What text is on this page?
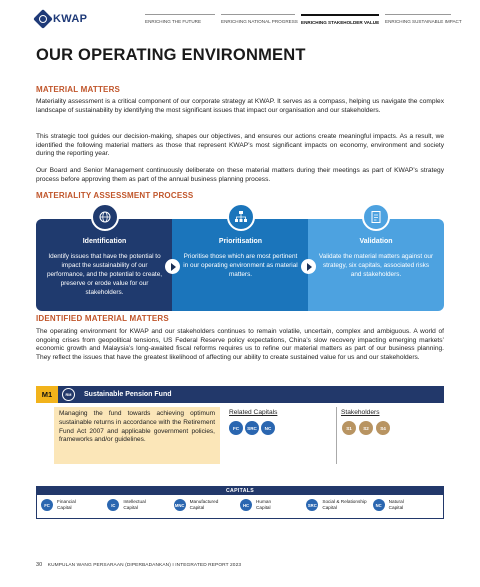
KWAP	ENRICHING THE FUTURE	ENRICHING NATIONAL PROGRESS ENRICHING STAKEHOLDER VALUE ENRICHING SUSTAINABLE IMPACT
OUR OPERATING ENVIRONMENT
MATERIAL MATTERS
Materiality assessment is a critical component of our corporate strategy at KWAP. It serves as a compass, helping us navigate the complex landscape of sustainability by identifying the most significant issues that impact our organisation and our stakeholders.
This strategic tool guides our decision-making, shapes our objectives, and ensures our actions create meaningful impacts. As a result, we identified the following material matters as those that represent KWAP’s most significant impacts on economy, environment and society during the reporting year.
Our Board and Senior Management continuously deliberate on these material matters during their meetings as part of KWAP’s strategy process before approving them as part of the annual business planning process.
MATERIALITY ASSESSMENT PROCESS
Identification
Identify issues that have the potential to impact the sustainability of our performance, and the potential to create, preserve or erode value for our stakeholders.
Prioritisation
Prioritise those which are most pertinent in our operating environment as material matters.
Validation
Validate the material matters against our strategy, six capitals, associated risks and stakeholders.
IDENTIFIED MATERIAL MATTERS
The operating environment for KWAP and our stakeholders continues to remain volatile, uncertain, complex and ambiguous. A world of ongoing crises from geopolitical tensions, US Federal Reserve policy expectations, China’s slow recovery impacting emerging markets’ economic growth and Malaysia’s long-awaited fiscal reforms requires us to refine our material matters as part of our business planning. They reflect the issues that have the greatest likelihood of affecting our ability to create sustained value for us and our stakeholders.
M1	RM	Sustainable Pension Fund
Managing the fund towards achieving optimum sustainable returns in accordance with the Retirement Fund Act 2007 and applicable government policies, frameworks and/or guidelines.
Related Capitals
FC	SRC	NC
Stakeholders
S1	S2	S4
CAPITALS
FC
Financial
Capital	IC
Intellectual
Capital	MNC
Manufactured
Capital	HC
Human
Capital	SRC
Social & Relationship
Capital	NC
Natural
Capital
30 KUMPULAN WANG PERSARAAN (DIPERBADANKAN) I INTEGRATED REPORT 2023
